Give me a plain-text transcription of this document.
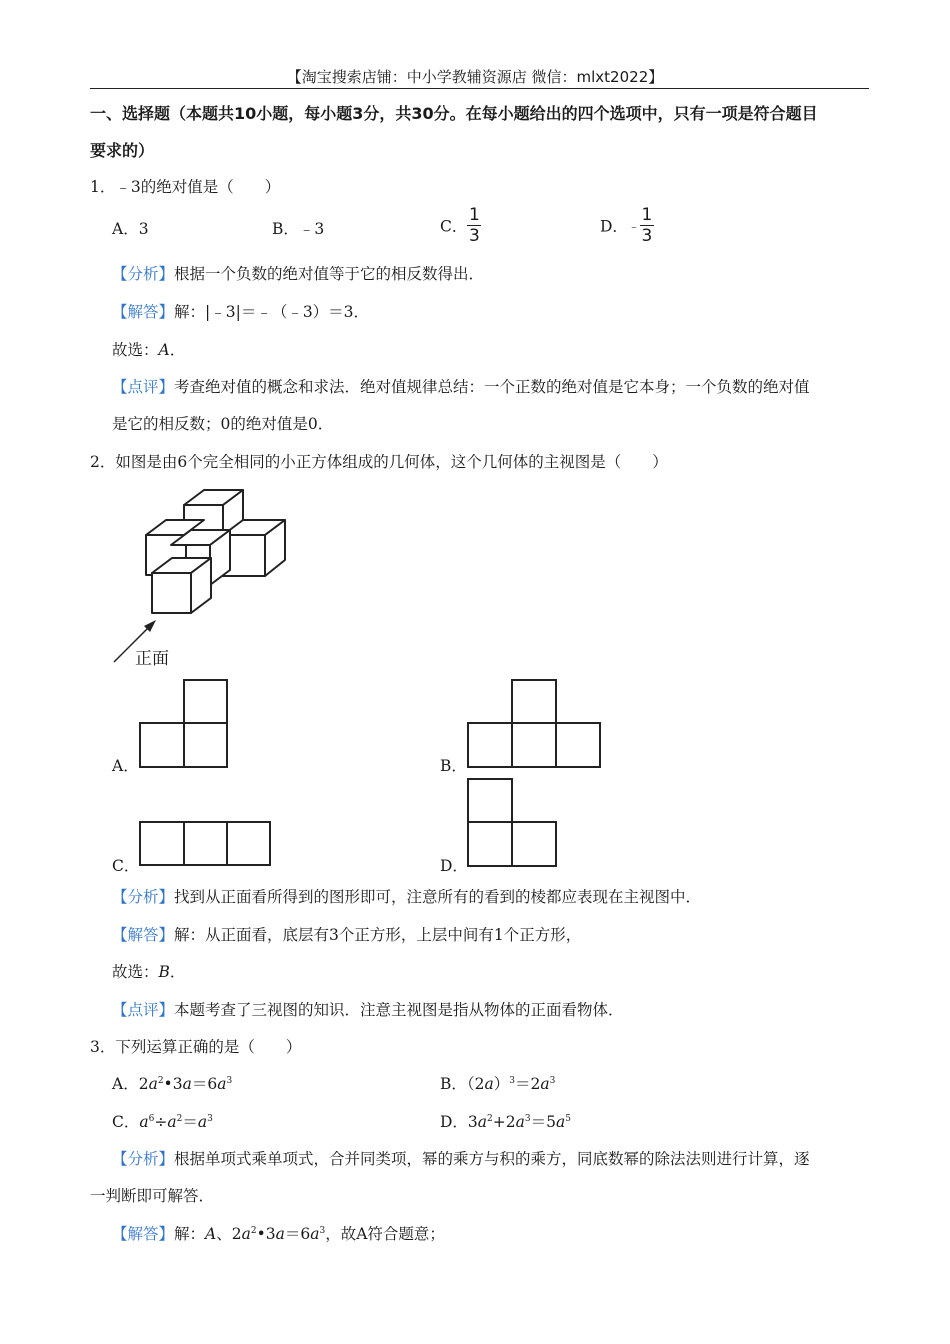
【淘宝搜索店铺：中小学教辅资源店 微信：mlxt2022】
一、选择题（本题共10小题，每小题3分，共30分。在每小题给出的四个选项中，只有一项是符合题目
要求的）
1．﹣3的绝对值是（　　）
A．3	B．﹣3	C． $\frac{1}{3}$	D．﹣ $\frac{1}{3}$
【分析】根据一个负数的绝对值等于它的相反数得出．
【解答】解：|﹣3|＝﹣（﹣3）＝3．
故选：A．
【点评】考查绝对值的概念和求法．绝对值规律总结：一个正数的绝对值是它本身；一个负数的绝对值
是它的相反数；0的绝对值是0．
2．如图是由6个完全相同的小正方体组成的几何体，这个几何体的主视图是（　　）
正面
A．	B．
C．	D．
【分析】找到从正面看所得到的图形即可，注意所有的看到的棱都应表现在主视图中．
【解答】解：从正面看，底层有3个正方形，上层中间有1个正方形，
故选：B．
【点评】本题考查了三视图的知识．注意主视图是指从物体的正面看物体．
3．下列运算正确的是（　　）
A．$2a^2•3a=6a^3$	B．$(2a)^3=2a^3$
C．$a^6\div a^2=a^3$	D．$3a^2+2a^3=5a^5$
【分析】根据单项式乘单项式，合并同类项，幂的乘方与积的乘方，同底数幂的除法法则进行计算，逐
一判断即可解答．
【解答】解：A、$2a^2•3a=6a^3$，故A符合题意；
